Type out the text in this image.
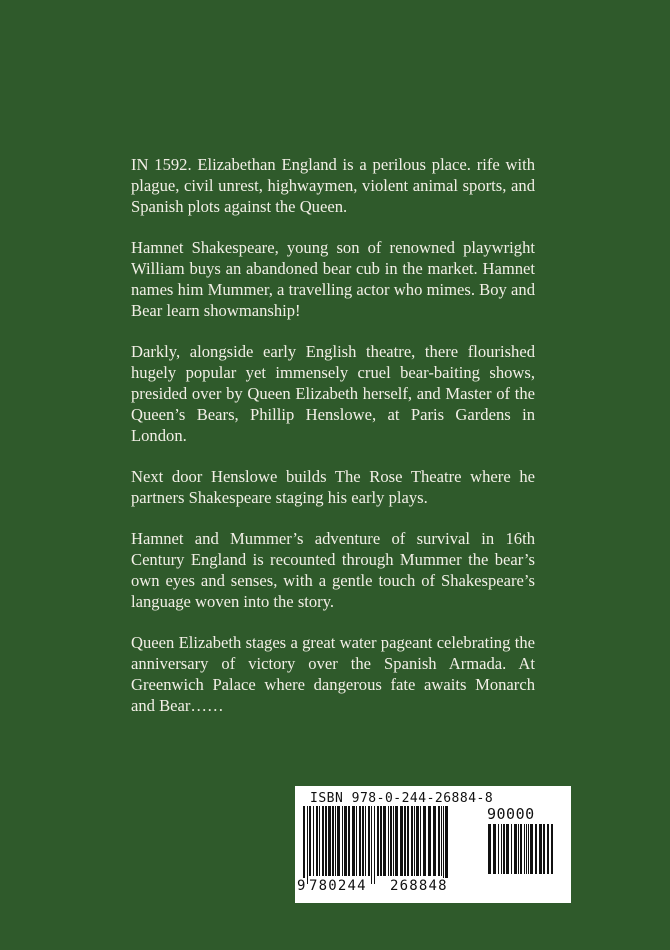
IN 1592. Elizabethan England is a perilous place. rife with plague, civil unrest, highwaymen, violent animal sports, and Spanish plots against the Queen.

Hamnet Shakespeare, young son of renowned playwright William buys an abandoned bear cub in the market. Hamnet names him Mummer, a travelling actor who mimes. Boy and Bear learn showmanship!

Darkly, alongside early English theatre, there flourished hugely popular yet immensely cruel bear-baiting shows, presided over by Queen Elizabeth herself, and Master of the Queen’s Bears, Phillip Henslowe, at Paris Gardens in London.

Next door Henslowe builds The Rose Theatre where he partners Shakespeare staging his early plays.

Hamnet and Mummer’s adventure of survival in 16th Century England is recounted through Mummer the bear’s own eyes and senses, with a gentle touch of Shakespeare’s language woven into the story.

Queen Elizabeth stages a great water pageant celebrating the anniversary of victory over the Spanish Armada. At Greenwich Palace where dangerous fate awaits Monarch and Bear……

ISBN 978-0-244-26884-8
90000
9 780244 268848
